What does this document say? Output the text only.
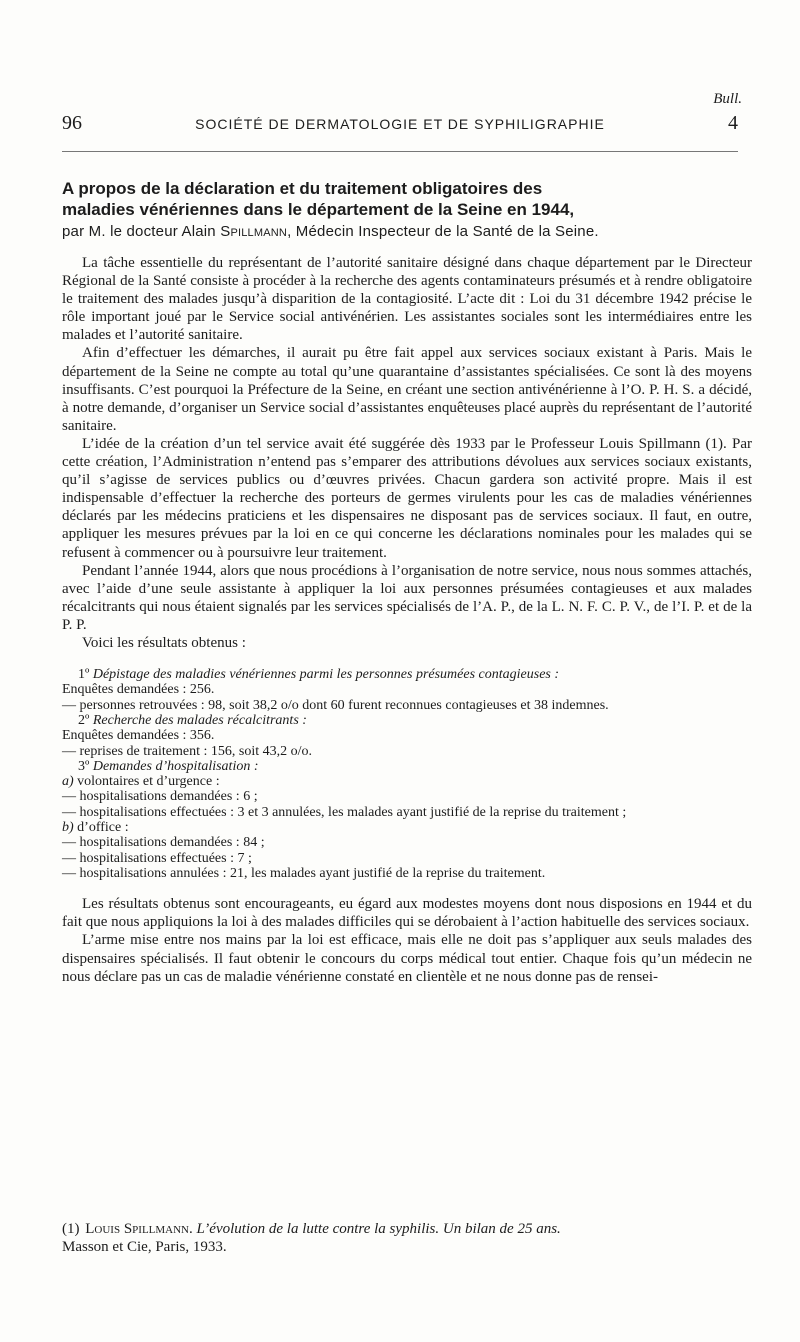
Bull.
96	SOCIÉTÉ DE DERMATOLOGIE ET DE SYPHILIGRAPHIE	4
A propos de la déclaration et du traitement obligatoires des
maladies vénériennes dans le département de la Seine en 1944,
par M. le docteur Alain Spillmann, Médecin Inspecteur de la Santé de la Seine.

La tâche essentielle du représentant de l’autorité sanitaire désigné dans chaque département par le Directeur Régional de la Santé consiste à procéder à la recherche des agents contaminateurs présumés et à rendre obligatoire le traitement des malades jusqu’à disparition de la contagiosité. L’acte dit : Loi du 31 décembre 1942 précise le rôle important joué par le Service social antivénérien. Les assistantes sociales sont les intermédiaires entre les malades et l’autorité sanitaire.

Afin d’effectuer les démarches, il aurait pu être fait appel aux services sociaux existant à Paris. Mais le département de la Seine ne compte au total qu’une quarantaine d’assistantes spécialisées. Ce sont là des moyens insuffisants. C’est pourquoi la Préfecture de la Seine, en créant une section antivénérienne à l’O. P. H. S. a décidé, à notre demande, d’organiser un Service social d’assistantes enquêteuses placé auprès du représentant de l’autorité sanitaire.

L’idée de la création d’un tel service avait été suggérée dès 1933 par le Professeur Louis Spillmann (1). Par cette création, l’Administration n’entend pas s’emparer des attributions dévolues aux services sociaux existants, qu’il s’agisse de services publics ou d’œuvres privées. Chacun gardera son activité propre. Mais il est indispensable d’effectuer la recherche des porteurs de germes virulents pour les cas de maladies vénériennes déclarés par les médecins praticiens et les dispensaires ne disposant pas de services sociaux. Il faut, en outre, appliquer les mesures prévues par la loi en ce qui concerne les déclarations nominales pour les malades qui se refusent à commencer ou à poursuivre leur traitement.

Pendant l’année 1944, alors que nous procédions à l’organisation de notre service, nous nous sommes attachés, avec l’aide d’une seule assistante à appliquer la loi aux personnes présumées contagieuses et aux malades récalcitrants qui nous étaient signalés par les services spécialisés de l’A. P., de la L. N. F. C. P. V., de l’I. P. et de la P. P.

Voici les résultats obtenus :

1º Dépistage des maladies vénériennes parmi les personnes présumées contagieuses :
Enquêtes demandées : 256.
— personnes retrouvées : 98, soit 38,2 o/o dont 60 furent reconnues contagieuses et 38 indemnes.
2º Recherche des malades récalcitrants :
Enquêtes demandées : 356.
— reprises de traitement : 156, soit 43,2 o/o.
3º Demandes d’hospitalisation :
a) volontaires et d’urgence :
— hospitalisations demandées : 6 ;
— hospitalisations effectuées : 3 et 3 annulées, les malades ayant justifié de la reprise du traitement ;
b) d’office :
— hospitalisations demandées : 84 ;
— hospitalisations effectuées : 7 ;
— hospitalisations annulées : 21, les malades ayant justifié de la reprise du traitement.

Les résultats obtenus sont encourageants, eu égard aux modestes moyens dont nous disposions en 1944 et du fait que nous appliquions la loi à des malades difficiles qui se dérobaient à l’action habituelle des services sociaux.

L’arme mise entre nos mains par la loi est efficace, mais elle ne doit pas s’appliquer aux seuls malades des dispensaires spécialisés. Il faut obtenir le concours du corps médical tout entier. Chaque fois qu’un médecin ne nous déclare pas un cas de maladie vénérienne constaté en clientèle et ne nous donne pas de rensei-

(1) Louis Spillmann. L’évolution de la lutte contre la syphilis. Un bilan de 25 ans.
Masson et Cie, Paris, 1933.
